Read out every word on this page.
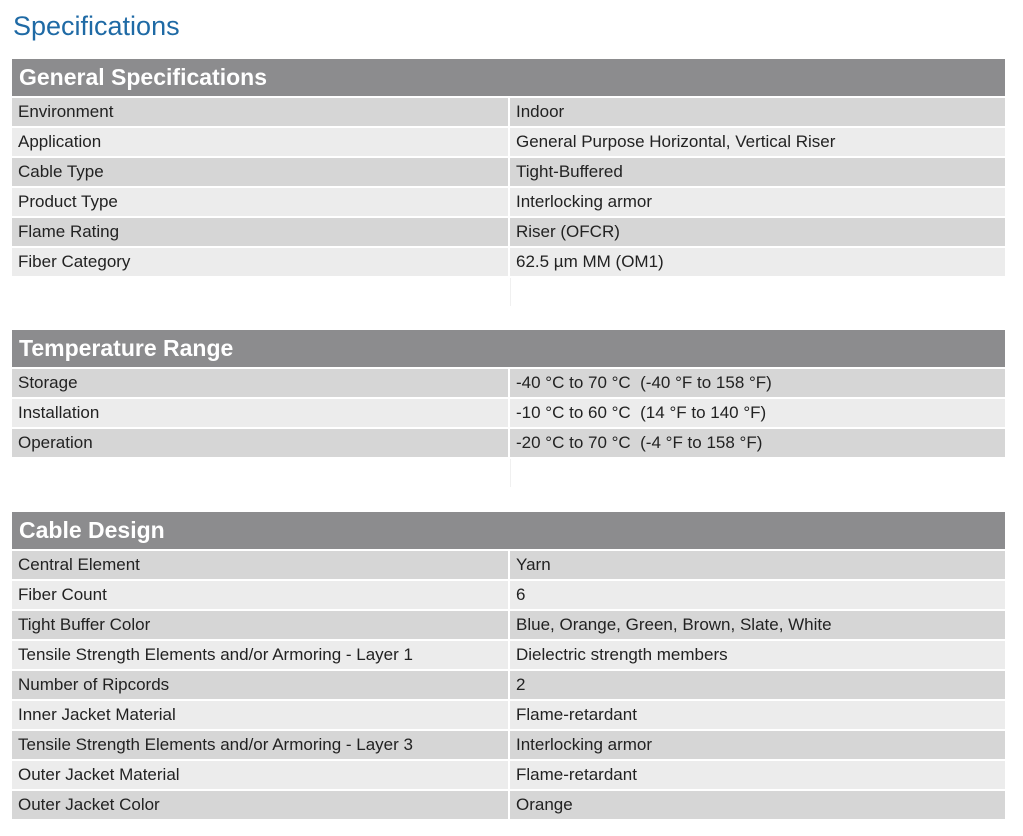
Specifications
General Specifications
Environment	Indoor
Application	General Purpose Horizontal, Vertical Riser
Cable Type	Tight-Buffered
Product Type	Interlocking armor
Flame Rating	Riser (OFCR)
Fiber Category	62.5 µm MM (OM1)
Temperature Range
Storage	-40 °C to 70 °C  (-40 °F to 158 °F)
Installation	-10 °C to 60 °C  (14 °F to 140 °F)
Operation	-20 °C to 70 °C  (-4 °F to 158 °F)
Cable Design
Central Element	Yarn
Fiber Count	6
Tight Buffer Color	Blue, Orange, Green, Brown, Slate, White
Tensile Strength Elements and/or Armoring - Layer 1	Dielectric strength members
Number of Ripcords	2
Inner Jacket Material	Flame-retardant
Tensile Strength Elements and/or Armoring - Layer 3	Interlocking armor
Outer Jacket Material	Flame-retardant
Outer Jacket Color	Orange
